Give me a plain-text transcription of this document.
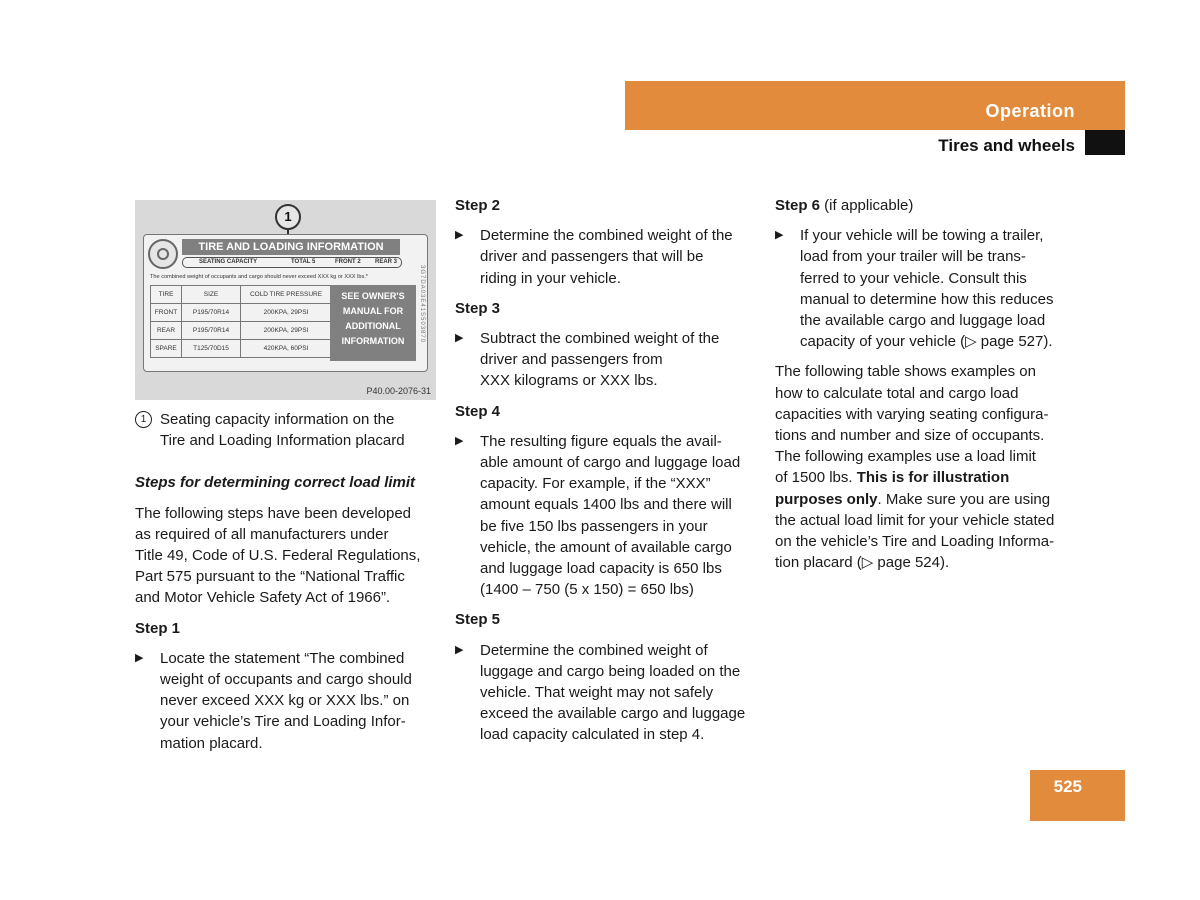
Operation
Tires and wheels
1
TIRE AND LOADING INFORMATION
SEATING CAPACITY	TOTAL 5	FRONT 2 REAR 3
The combined weight of occupants and cargo should never exceed XXX kg or XXX lbs.*
TIRE	SIZE	COLD TIRE PRESSURE
FRONT	P195/70R14	200KPA, 29PSI
REAR	P195/70R14	200KPA, 29PSI
SPARE	T125/70D15	420KPA, 60PSI
SEE OWNER'S
MANUAL FOR
ADDITIONAL
INFORMATION	3G7DA03E41S503870
P40.00-2076-31
1 Seating capacity information on the
Tire and Loading Information placard

Steps for determining correct load limit

The following steps have been developed
as required of all manufacturers under
Title 49, Code of U.S. Federal Regulations,
Part 575 pursuant to the “National Traffic
and Motor Vehicle Safety Act of 1966”.

Step 1

▶ Locate the statement “The combined
weight of occupants and cargo should
never exceed XXX kg or XXX lbs.” on
your vehicle’s Tire and Loading Infor-
mation placard.

Step 2

▶ Determine the combined weight of the
driver and passengers that will be
riding in your vehicle.

Step 3

▶ Subtract the combined weight of the
driver and passengers from
XXX kilograms or XXX lbs.

Step 4

▶ The resulting figure equals the avail-
able amount of cargo and luggage load
capacity. For example, if the “XXX”
amount equals 1400 lbs and there will
be five 150 lbs passengers in your
vehicle, the amount of available cargo
and luggage load capacity is 650 lbs
(1400 – 750 (5 x 150) = 650 lbs)

Step 5

▶ Determine the combined weight of
luggage and cargo being loaded on the
vehicle. That weight may not safely
exceed the available cargo and luggage
load capacity calculated in step 4.

Step 6 (if applicable)

▶ If your vehicle will be towing a trailer,
load from your trailer will be trans-
ferred to your vehicle. Consult this
manual to determine how this reduces
the available cargo and luggage load
capacity of your vehicle (▷ page 527).
The following table shows examples on
how to calculate total and cargo load
capacities with varying seating configura-
tions and number and size of occupants.
The following examples use a load limit
of 1500 lbs. This is for illustration
purposes only. Make sure you are using
the actual load limit for your vehicle stated
on the vehicle’s Tire and Loading Informa-
tion placard (▷ page 524).
525
